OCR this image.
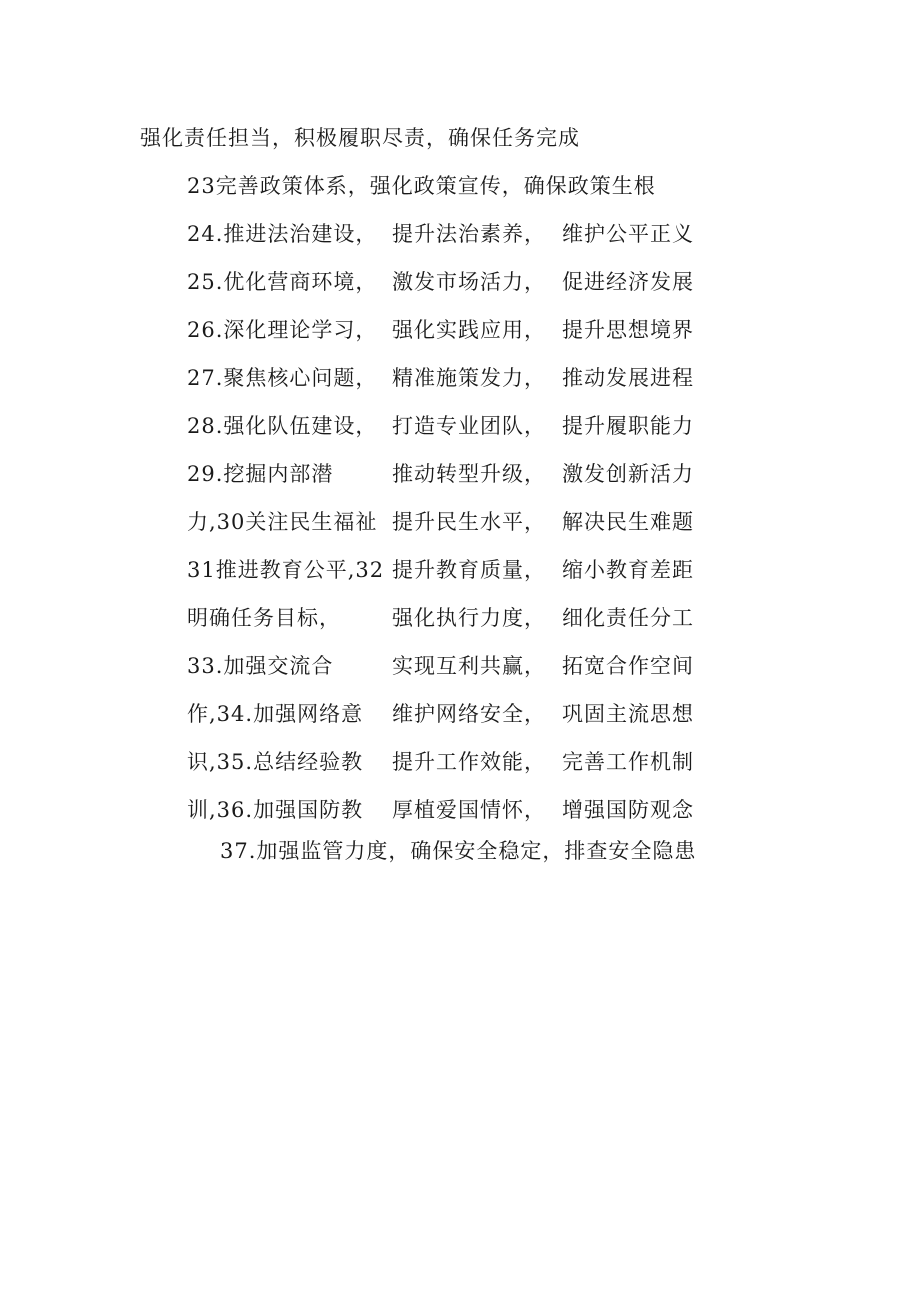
强化责任担当，积极履职尽责，确保任务完成
23完善政策体系，强化政策宣传，确保政策生根
24.推进法治建设， 提升法治素养， 维护公平正义
25.优化营商环境， 激发市场活力， 促进经济发展
26.深化理论学习， 强化实践应用， 提升思想境界
27.聚焦核心问题， 精准施策发力， 推动发展进程
28.强化队伍建设， 打造专业团队， 提升履职能力
29.挖掘内部潜	推动转型升级， 激发创新活力
力,30关注民生福祉 提升民生水平， 解决民生难题
31推进教育公平,32 提升教育质量， 缩小教育差距
明确任务目标， 强化执行力度， 细化责任分工
33.加强交流合	实现互利共赢， 拓宽合作空间
作,34.加强网络意 维护网络安全， 巩固主流思想
识,35.总结经验教 提升工作效能， 完善工作机制
训,36.加强国防教 厚植爱国情怀， 增强国防观念
37.加强监管力度，确保安全稳定，排查安全隐患
